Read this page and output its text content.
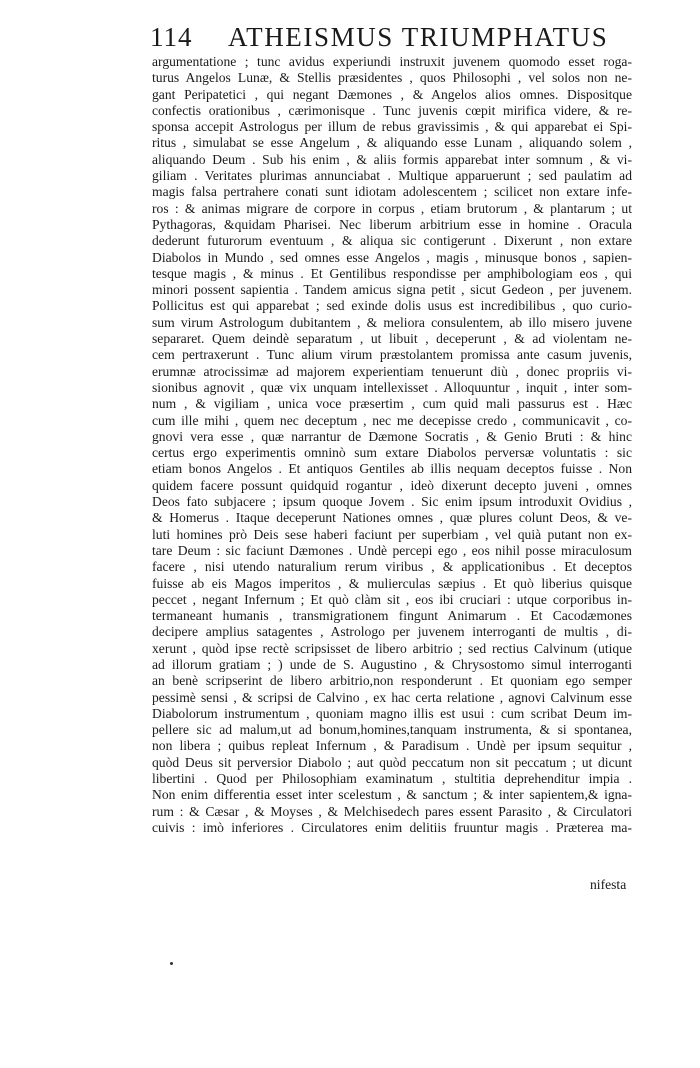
114 ATHEISMUS TRIUMPHATUS
argumentatione ; tunc avidus experiundi instruxit juvenem quomodo esset roga-
turus Angelos Lunæ, & Stellis præsidentes , quos Philosophi , vel solos non ne-
gant Peripatetici , qui negant Dæmones , & Angelos alios omnes. Dispositque
confectis orationibus , cærimonisque . Tunc juvenis cœpit mirifica videre, & re-
sponsa accepit Astrologus per illum de rebus gravissimis , & qui apparebat ei Spi-
ritus , simulabat se esse Angelum , & aliquando esse Lunam , aliquando solem ,
aliquando Deum . Sub his enim , & aliis formis apparebat inter somnum , & vi-
giliam . Veritates plurimas annunciabat . Multique apparuerunt ; sed paulatim ad
magis falsa pertrahere conati sunt idiotam adolescentem ; scilicet non extare infe-
ros : & animas migrare de corpore in corpus , etiam brutorum , & plantarum ; ut
Pythagoras, &quidam Pharisei. Nec liberum arbitrium esse in homine . Oracula
dederunt futurorum eventuum , & aliqua sic contigerunt . Dixerunt , non extare
Diabolos in Mundo , sed omnes esse Angelos , magis , minusque bonos , sapien-
tesque magis , & minus . Et Gentilibus respondisse per amphibologiam eos , qui
minori possent sapientia . Tandem amicus signa petit , sicut Gedeon , per juvenem.
Pollicitus est qui apparebat ; sed exinde dolis usus est incredibilibus , quo curio-
sum virum Astrologum dubitantem , & meliora consulentem, ab illo misero juvene
separaret. Quem deindè separatum , ut libuit , deceperunt , & ad violentam ne-
cem pertraxerunt . Tunc alium virum præstolantem promissa ante casum juvenis,
erumnæ atrocissimæ ad majorem experientiam tenuerunt diù , donec propriis vi-
sionibus agnovit , quæ vix unquam intellexisset . Alloquuntur , inquit , inter som-
num , & vigiliam , unica voce præsertim , cum quid mali passurus est . Hæc
cum ille mihi , quem nec deceptum , nec me decepisse credo , communicavit , co-
gnovi vera esse , quæ narrantur de Dæmone Socratis , & Genio Bruti : & hinc
certus ergo experimentis omninò sum extare Diabolos perversæ voluntatis : sic
etiam bonos Angelos . Et antiquos Gentiles ab illis nequam deceptos fuisse . Non
quidem facere possunt quidquid rogantur , ideò dixerunt decepto juveni , omnes
Deos fato subjacere ; ipsum quoque Jovem . Sic enim ipsum introduxit Ovidius ,
& Homerus . Itaque deceperunt Nationes omnes , quæ plures colunt Deos, & ve-
luti homines prò Deis sese haberi faciunt per superbiam , vel quià putant non ex-
tare Deum : sic faciunt Dæmones . Undè percepi ego , eos nihil posse miraculosum
facere , nisi utendo naturalium rerum viribus , & applicationibus . Et deceptos
fuisse ab eis Magos imperitos , & mulierculas sæpius . Et quò liberius quisque
peccet , negant Infernum ; Et quò clàm sit , eos ibi cruciari : utque corporibus in-
termaneant humanis , transmigrationem fingunt Animarum . Et Cacodæmones
decipere amplius satagentes , Astrologo per juvenem interroganti de multis , di-
xerunt , quòd ipse rectè scripsisset de libero arbitrio ; sed rectius Calvinum (utique
ad illorum gratiam ; ) unde de S. Augustino , & Chrysostomo simul interroganti
an benè scripserint de libero arbitrio,non responderunt . Et quoniam ego semper
pessimè sensi , & scripsi de Calvino , ex hac certa relatione , agnovi Calvinum esse
Diabolorum instrumentum , quoniam magno illis est usui : cum scribat Deum im-
pellere sic ad malum,ut ad bonum,homines,tanquam instrumenta, & si spontanea,
non libera ; quibus repleat Infernum , & Paradisum . Undè per ipsum sequitur ,
quòd Deus sit perversior Diabolo ; aut quòd peccatum non sit peccatum ; ut dicunt
libertini . Quod per Philosophiam examinatum , stultitia deprehenditur impia .
Non enim differentia esset inter scelestum , & sanctum ; & inter sapientem,& igna-
rum : & Cæsar , & Moyses , & Melchisedech pares essent Parasito , & Circulatori
cuivis : imò inferiores . Circulatores enim delitiis fruuntur magis . Præterea ma-
nifesta
